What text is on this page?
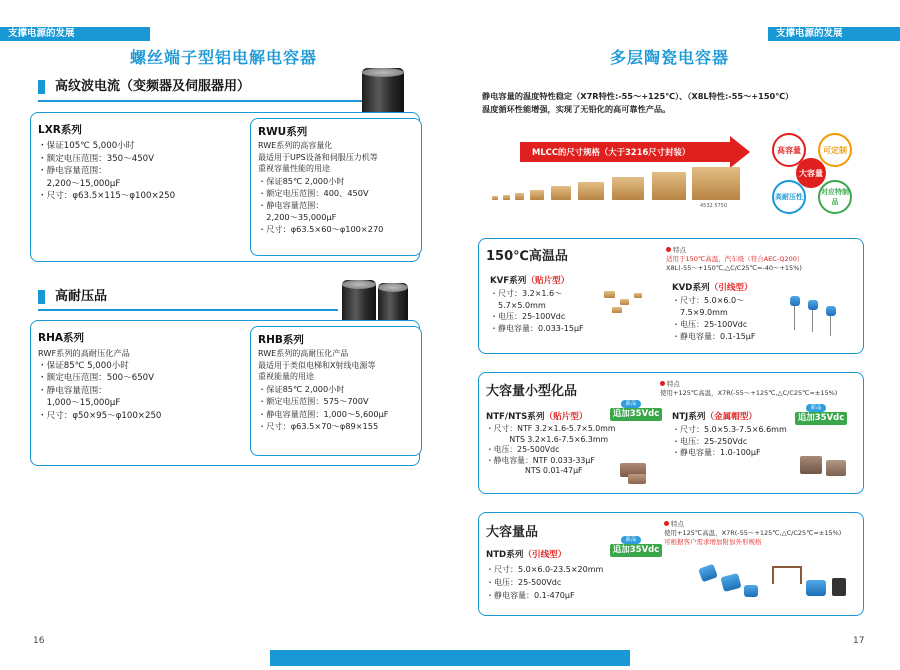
支撑电源的发展
螺丝端子型铝电解电容器
高纹波电流（变频器及伺服器用）
LXR系列
・保证105℃ 5,000小时
・额定电压范围：350～450V
・静电容量范围：
　2,200～15,000μF
・尺寸：φ63.5×115～φ100×250
RWU系列
RWE系列的高容量化
最适用于UPS设备和伺服压力机等
重视容量性能的用途
・保证85℃ 2,000小时
・额定电压范围：400、450V
・静电容量范围：
　2,200～35,000μF
・尺寸：φ63.5×60～φ100×270
高耐压品
RHA系列
RWF系列的高耐压化产品
・保证85℃ 5,000小时
・额定电压范围：500～650V
・静电容量范围：
　1,000～15,000μF
・尺寸：φ50×95～φ100×250
RHB系列
RWE系列的高耐压化产品
最适用于类似电梯和X射线电源等
重视能量的用途
・保证85℃ 2,000小时
・额定电压范围：575～700V
・静电容量范围：1,000～5,600μF
・尺寸：φ63.5×70～φ89×155
16
支撑电源的发展
多层陶瓷电容器
静电容量的温度特性稳定（X7R特性:-55～+125℃）、（X8L特性:-55～+150℃）
温度循环性能增强，实现了无铅化的高可靠性产品。
MLCC的尺寸规格（大于3216尺寸封装）
4532 5750
高容量	可定制
大容量
高耐压性
对应特制品
150℃高温品	特点
适用于150℃高温，汽车级（符合AEC-Q200）
X8L(-55～+150℃,△C/C25℃=-40～+15%)
KVF系列（贴片型）
・尺寸：3.2×1.6～
　5.7×5.0mm
・电压：25-100Vdc
・静电容量：0.033-15μF
KVD系列（引线型）
・尺寸：5.0×6.0～
　7.5×9.0mm
・电压：25-100Vdc
・静电容量：0.1-15μF
大容量小型化品	特点
使用+125℃高温，X7R(-55～+125℃,△C/C25℃=±15%)
新品
追加35Vdc
新品
追加35Vdc
NTF/NTS系列（贴片型）
・尺寸：NTF 3.2×1.6-5.7×5.0mm
　　　NTS 3.2×1.6-7.5×6.3mm
・电压：25-500Vdc
・静电容量：NTF 0.033-33μF
　　　　　NTS 0.01-47μF
NTJ系列（金属帽型）
・尺寸：5.0×5.3-7.5×6.6mm
・电压：25-250Vdc
・静电容量：1.0-100μF
大容量品
特点
使用+125℃高温，X7R(-55～+125℃,△C/C25℃=±15%)
可根据客户需求增加附加外形规格
新品
追加35Vdc
NTD系列（引线型）
・尺寸：5.0×6.0-23.5×20mm
・电压：25-500Vdc
・静电容量：0.1-470μF
17
